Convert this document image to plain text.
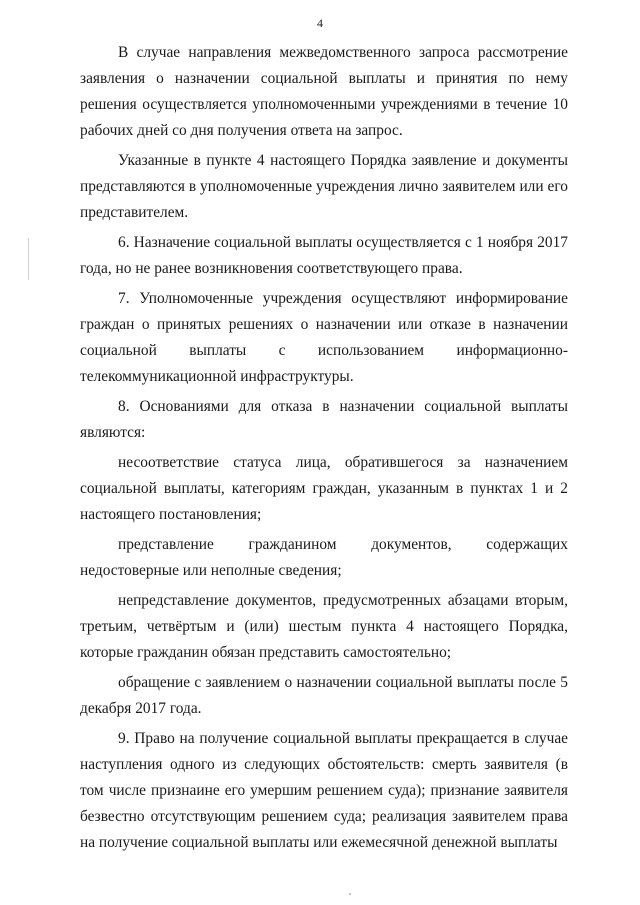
4

В случае направления межведомственного запроса рассмотрение заявления о назначении социальной выплаты и принятия по нему решения осуществляется уполномоченными учреждениями в течение 10 рабочих дней со дня получения ответа на запрос.

Указанные в пункте 4 настоящего Порядка заявление и документы представляются в уполномоченные учреждения лично заявителем или его представителем.

6. Назначение социальной выплаты осуществляется с 1 ноября 2017 года, но не ранее возникновения соответствующего права.

7. Уполномоченные учреждения осуществляют информирование граждан о принятых решениях о назначении или отказе в назначении социальной выплаты с использованием информационно-телекоммуникационной инфраструктуры.

8. Основаниями для отказа в назначении социальной выплаты являются:

несоответствие статуса лица, обратившегося за назначением социальной выплаты, категориям граждан, указанным в пунктах 1 и 2 настоящего постановления;

представление гражданином документов, содержащих недостоверные или неполные сведения;

непредставление документов, предусмотренных абзацами вторым, третьим, четвёртым и (или) шестым пункта 4 настоящего Порядка, которые гражданин обязан представить самостоятельно;

обращение с заявлением о назначении социальной выплаты после 5 декабря 2017 года.

9. Право на получение социальной выплаты прекращается в случае наступления одного из следующих обстоятельств: смерть заявителя (в том числе признаине его умершим решением суда); признание заявителя безвестно отсутствующим решением суда; реализация заявителем права на получение социальной выплаты или ежемесячной денежной выплаты
